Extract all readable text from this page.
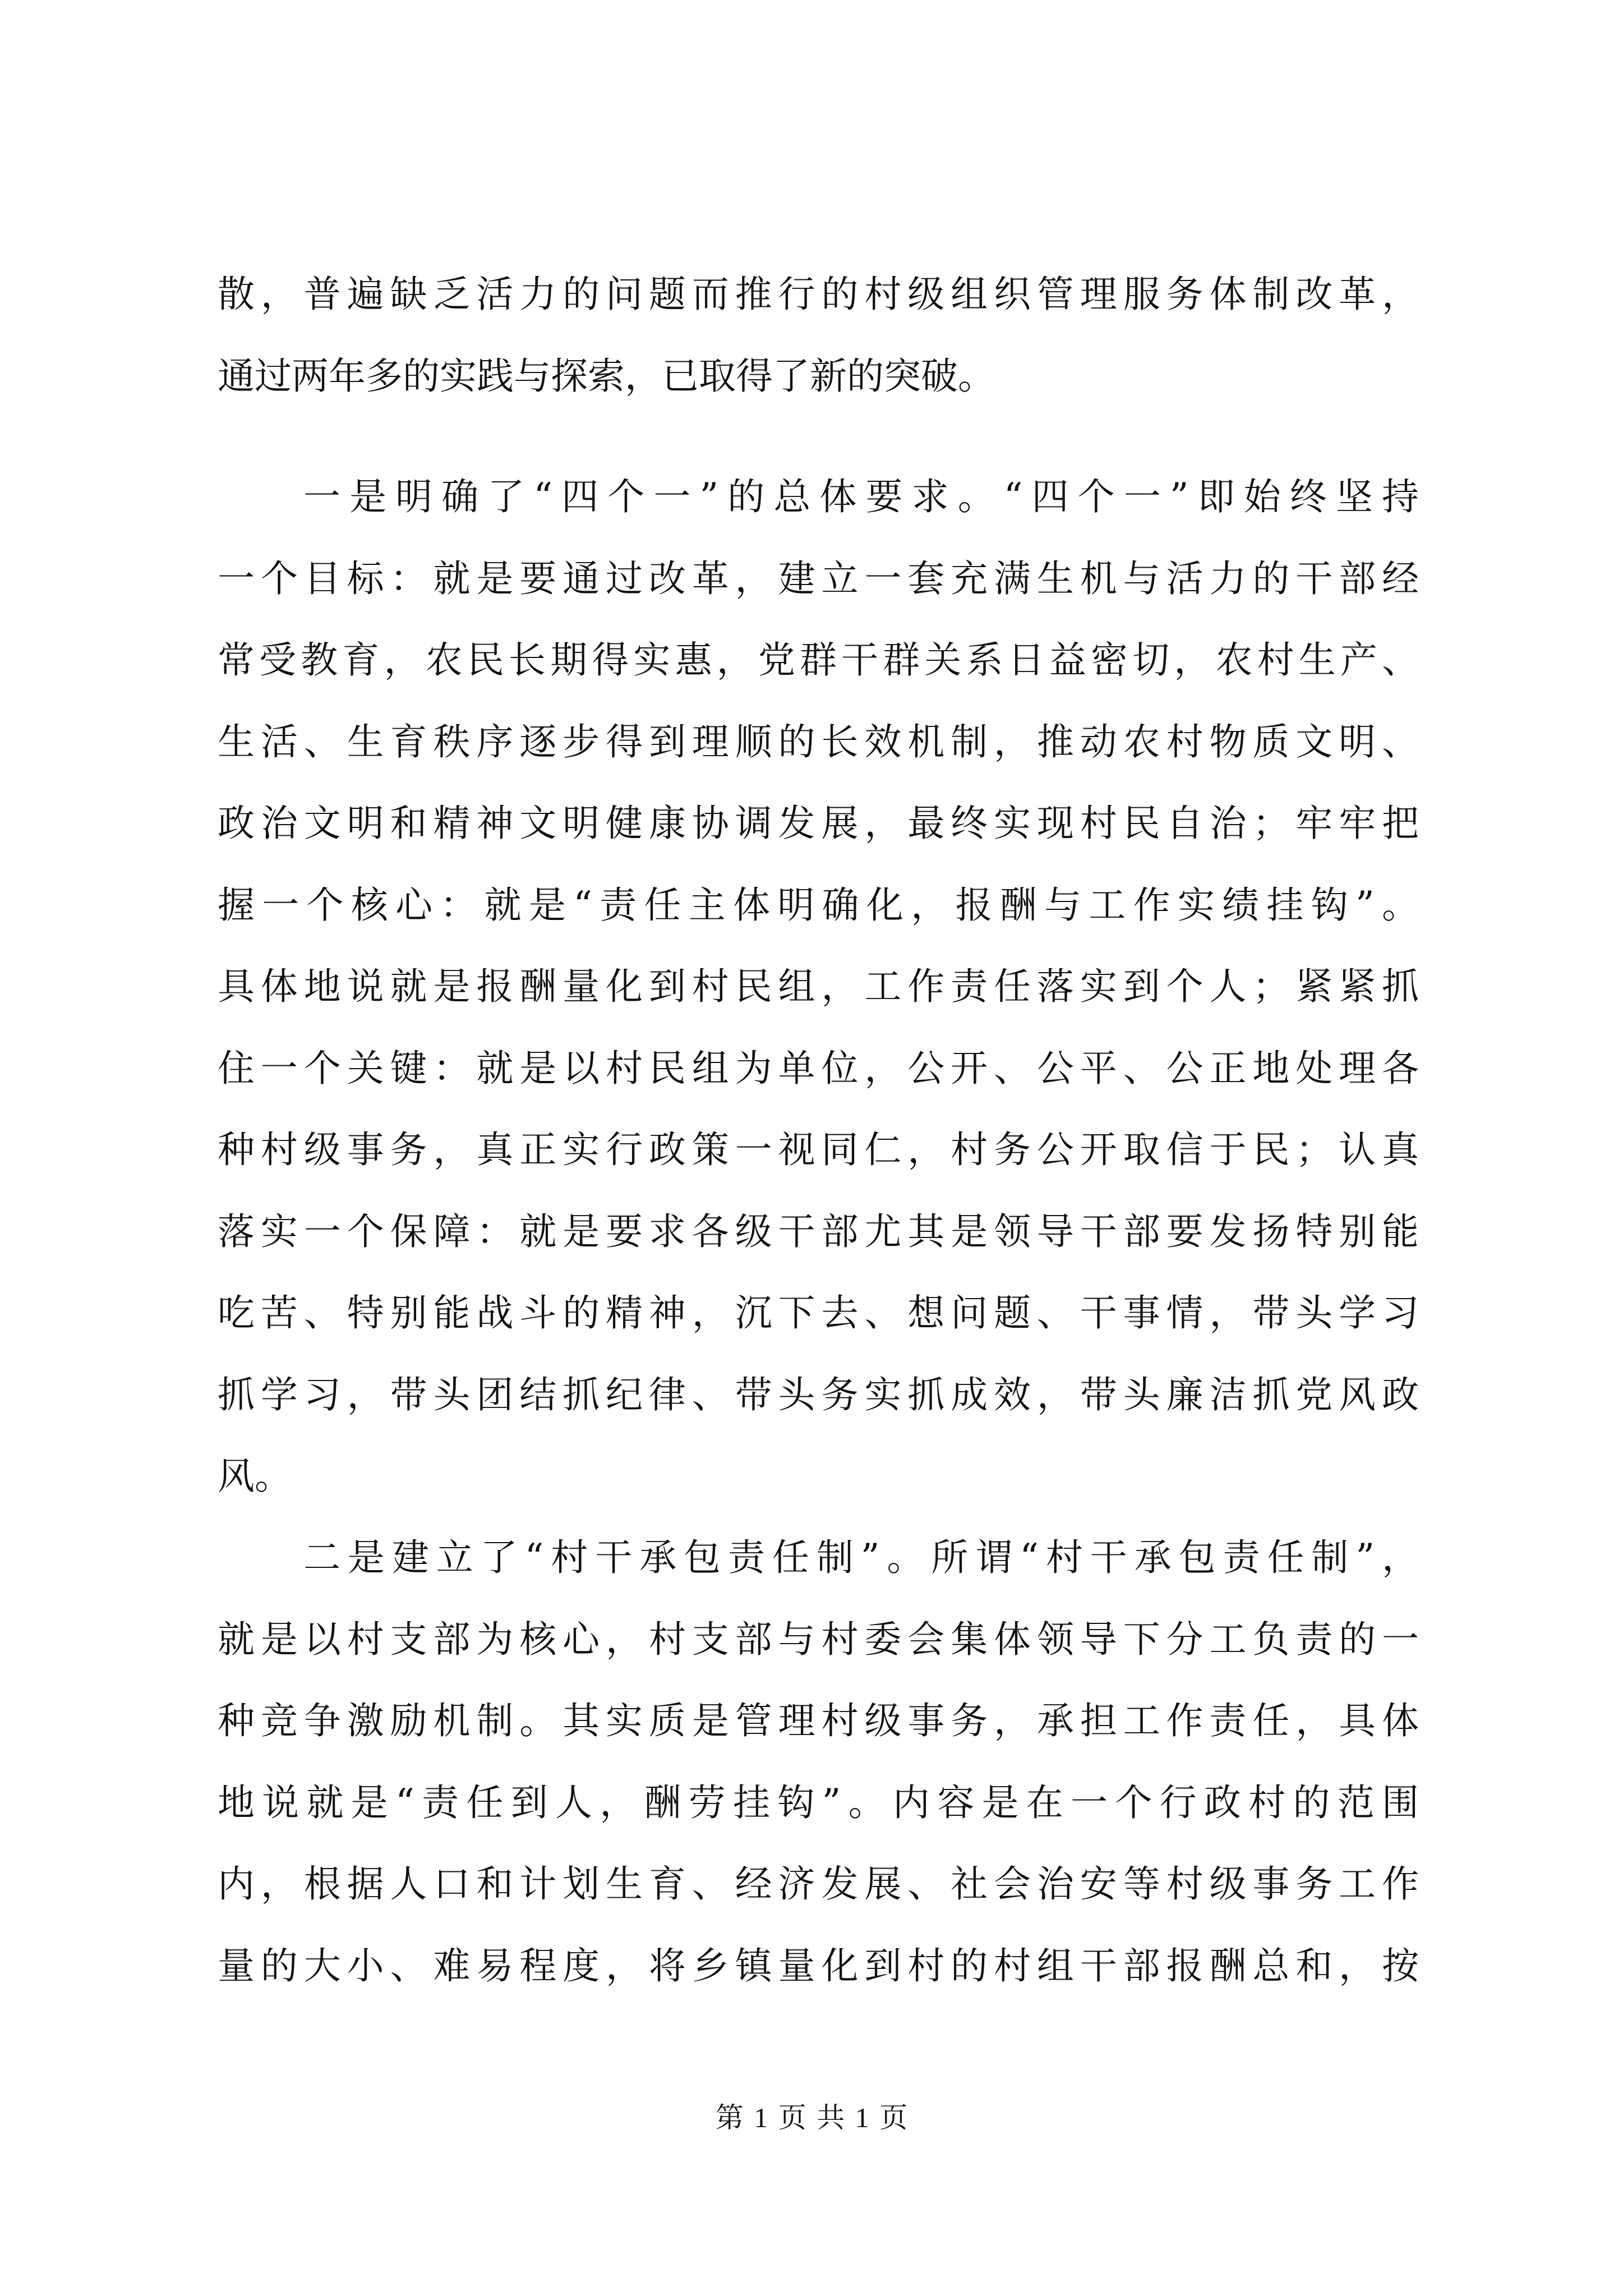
散，普遍缺乏活力的问题而推行的村级组织管理服务体制改革，
通过两年多的实践与探索，已取得了新的突破。
一是明确了“四个一”的总体要求。“四个一”即始终坚持
一个目标：就是要通过改革，建立一套充满生机与活力的干部经
常受教育，农民长期得实惠，党群干群关系日益密切，农村生产、
生活、生育秩序逐步得到理顺的长效机制，推动农村物质文明、
政治文明和精神文明健康协调发展，最终实现村民自治；牢牢把
握一个核心：就是“责任主体明确化，报酬与工作实绩挂钩”。
具体地说就是报酬量化到村民组，工作责任落实到个人；紧紧抓
住一个关键：就是以村民组为单位，公开、公平、公正地处理各
种村级事务，真正实行政策一视同仁，村务公开取信于民；认真
落实一个保障：就是要求各级干部尤其是领导干部要发扬特别能
吃苦、特别能战斗的精神，沉下去、想问题、干事情，带头学习
抓学习，带头团结抓纪律、带头务实抓成效，带头廉洁抓党风政
风。
二是建立了“村干承包责任制”。所谓“村干承包责任制”，
就是以村支部为核心，村支部与村委会集体领导下分工负责的一
种竞争激励机制。其实质是管理村级事务，承担工作责任，具体
地说就是“责任到人，酬劳挂钩”。内容是在一个行政村的范围
内，根据人口和计划生育、经济发展、社会治安等村级事务工作
量的大小、难易程度，将乡镇量化到村的村组干部报酬总和，按
第 1 页 共 1 页
